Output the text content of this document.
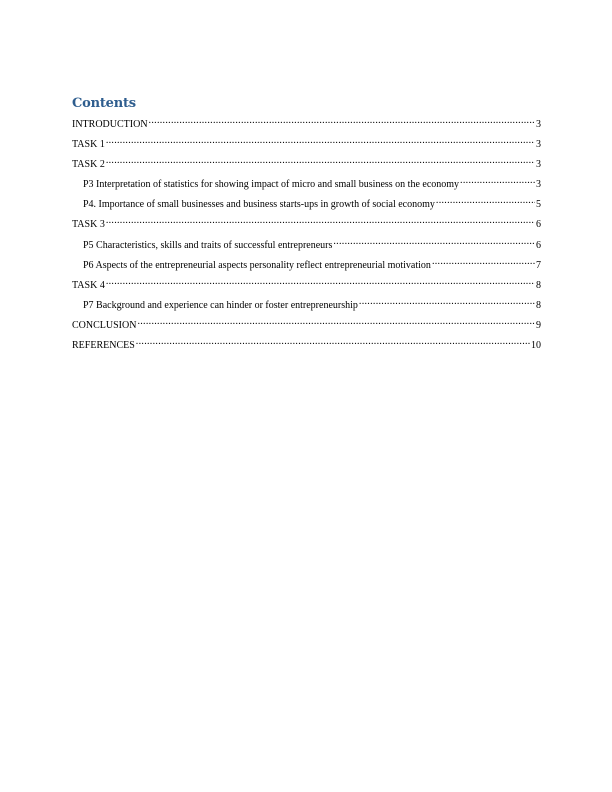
Contents
INTRODUCTION .....	3
TASK 1 .....	3
TASK 2 .....	3
P3 Interpretation of statistics for showing impact of micro and small business on the economy .....	3
P4. Importance of small businesses and business starts-ups in growth of social economy .....	5
TASK 3 .....	6
P5 Characteristics, skills and traits of successful entrepreneurs .....	6
P6 Aspects of the entrepreneurial aspects personality reflect entrepreneurial motivation .....	7
TASK 4 .....	8
P7 Background and experience can hinder or foster entrepreneurship .....	8
CONCLUSION .....	9
REFERENCES .....	10
